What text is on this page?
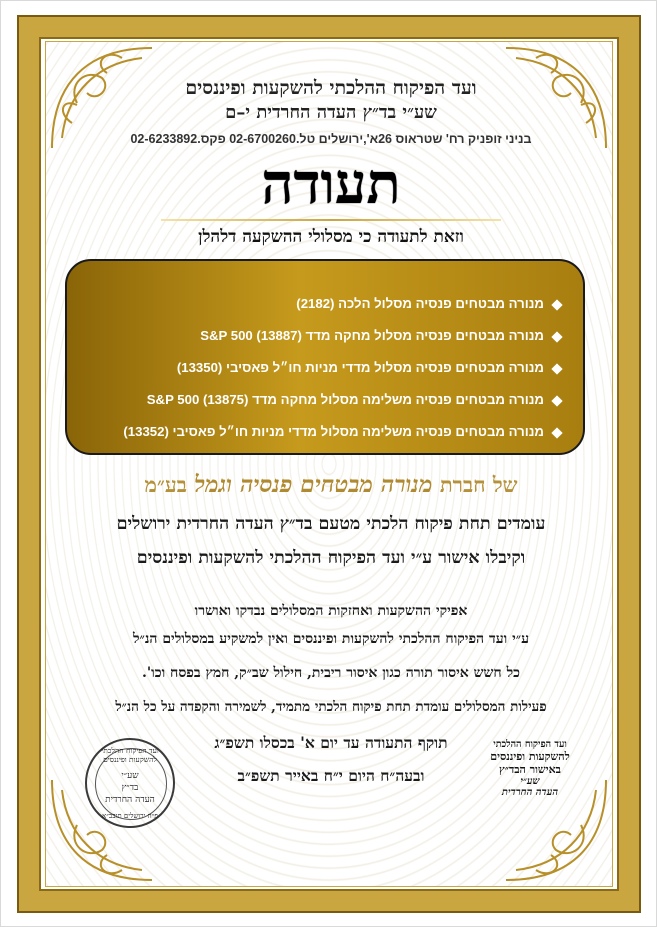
ועד הפיקוח ההלכתי להשקעות ופיננסים
שע״י בד״ץ העדה החרדית י–ם
בניני זופניק רח' שטראוס 26א',ירושלים טל.02-6700260 פקס.02-6233892
תעודה
וזאת לתעודה כי מסלולי ההשקעה דלהלן
מנורה מבטחים פנסיה מסלול הלכה (2182)
מנורה מבטחים פנסיה מסלול מחקה מדד S&P 500 (13887)
מנורה מבטחים פנסיה מסלול מדדי מניות חו״ל פאסיבי (13350)
מנורה מבטחים פנסיה משלימה מסלול מחקה מדד S&P 500 (13875)
מנורה מבטחים פנסיה משלימה מסלול מדדי מניות חו״ל פאסיבי (13352)
של חברת מנורה מבטחים פנסיה וגמל בע״מ
עומדים תחת פיקוח הלכתי מטעם בד״ץ העדה החרדית ירושלים
וקיבלו אישור ע״י ועד הפיקוח ההלכתי להשקעות ופיננסים
אפיקי ההשקעות ואחזקות המסלולים נבדקו ואושרו
ע״י ועד הפיקוח ההלכתי להשקעות ופיננסים ואין למשקיע במסלולים הנ״ל
כל חשש איסור תורה כגון איסור ריבית, חילול שב״ק, חמץ בפסח וכו'.
פעילות המסלולים עומדת תחת פיקוח הלכתי מתמיד, לשמירה והקפדה על כל הנ״ל
תוקף התעודה עד יום א' בכסלו תשפ״ג
ובעה״ח היום י״ח באייר תשפ״ב
ועד הפיקוח ההלכתי להשקעות ופיננסים
שע״י
בד״ץ
העדה החרדית
פ״ה ירושלים תובב״א
ועד הפיקוח ההלכתי
להשקעות ופיננסים
באישור הבד״ץ
שע״י
העדה החרדית
